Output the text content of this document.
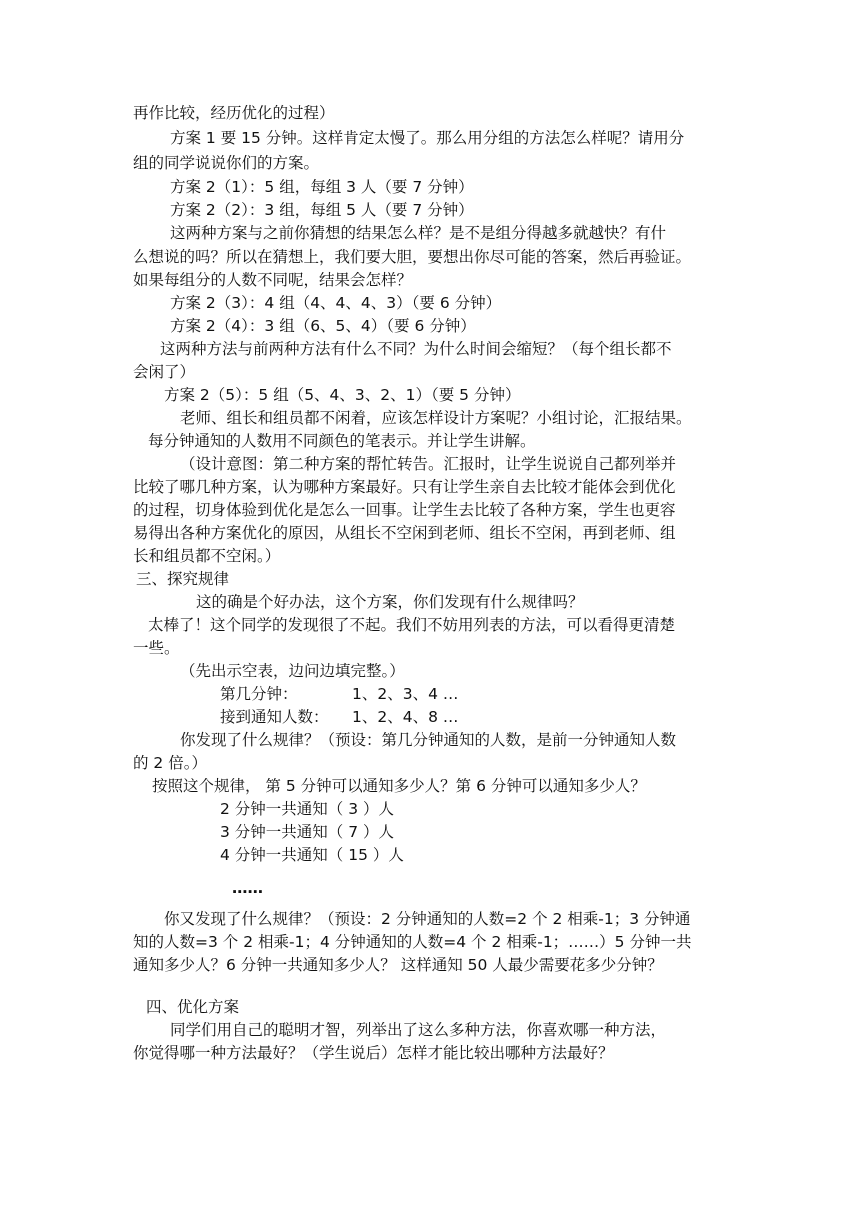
再作比较，经历优化的过程）
方案 1 要 15 分钟。这样肯定太慢了。那么用分组的方法怎么样呢？请用分
组的同学说说你们的方案。
方案 2（1）：5 组，每组 3 人（要 7 分钟）
方案 2（2）：3 组，每组 5 人（要 7 分钟）
这两种方案与之前你猜想的结果怎么样？是不是组分得越多就越快？有什
么想说的吗？所以在猜想上，我们要大胆，要想出你尽可能的答案，然后再验证。
如果每组分的人数不同呢，结果会怎样？
方案 2（3）：4 组（4、4、4、3）（要 6 分钟）
方案 2（4）：3 组（6、5、4）（要 6 分钟）
这两种方法与前两种方法有什么不同？为什么时间会缩短？（每个组长都不
会闲了）
方案 2（5）：5 组（5、4、3、2、1）（要 5 分钟）
老师、组长和组员都不闲着，应该怎样设计方案呢？小组讨论，汇报结果。
每分钟通知的人数用不同颜色的笔表示。并让学生讲解。
（设计意图：第二种方案的帮忙转告。汇报时，让学生说说自己都列举并
比较了哪几种方案，认为哪种方案最好。只有让学生亲自去比较才能体会到优化
的过程，切身体验到优化是怎么一回事。让学生去比较了各种方案，学生也更容
易得出各种方案优化的原因，从组长不空闲到老师、组长不空闲，再到老师、组
长和组员都不空闲。）
三、探究规律
这的确是个好办法，这个方案，你们发现有什么规律吗？
太棒了！这个同学的发现很了不起。我们不妨用列表的方法，可以看得更清楚
一些。
（先出示空表，边问边填完整。）
第几分钟：	1、2、3、4 …
接到通知人数： 1、2、4、8 …
你发现了什么规律？（预设：第几分钟通知的人数，是前一分钟通知人数
的 2 倍。）
按照这个规律， 第 5 分钟可以通知多少人？第 6 分钟可以通知多少人？
2 分钟一共通知（ 3 ）人
3 分钟一共通知（ 7 ）人
4 分钟一共通知（ 15 ）人
……
你又发现了什么规律？（预设：2 分钟通知的人数=2 个 2 相乘-1；3 分钟通
知的人数=3 个 2 相乘-1；4 分钟通知的人数=4 个 2 相乘-1；……）5 分钟一共
通知多少人？6 分钟一共通知多少人？ 这样通知 50 人最少需要花多少分钟？
四、优化方案
同学们用自己的聪明才智，列举出了这么多种方法，你喜欢哪一种方法，
你觉得哪一种方法最好？（学生说后）怎样才能比较出哪种方法最好？
